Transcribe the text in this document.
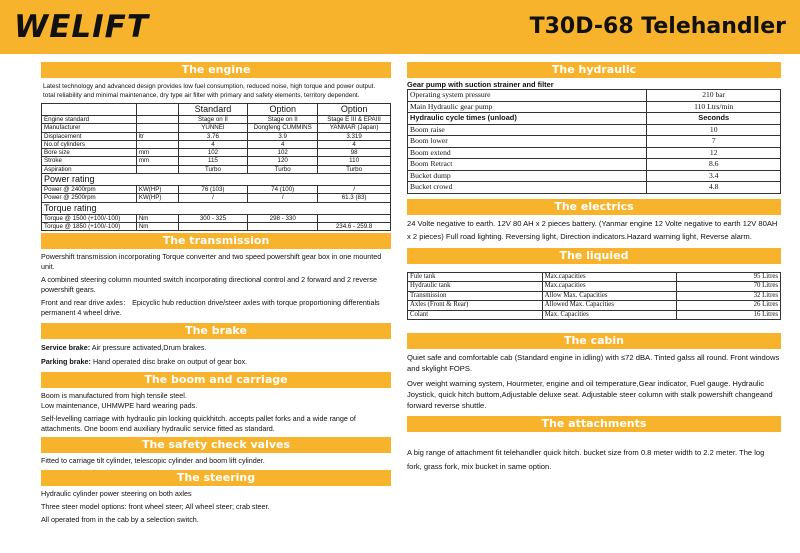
WELIFT	T30D-68 Telehandler
The engine
Latest technology and advanced design provides low fuel consumption, reduced noise, high torque and power output. total reliability and minimal maintenance, dry type air filter with primary and safety elements, territory dependent.
		Standard	Option	Option
Engine standard		Stage on II	Stage on II	Stage E III & EPAIII
Manufacturer		YUNNEI	Dongfeng CUMMINS	YANMAR (Japan)
Displacement	ltr	3.76	3.9	3.319
No.of cylinders		4	4	4
Bore size	mm	102	102	98
Stroke	mm	115	120	110
Aspiration		Turbo	Turbo	Turbo
Power rating				
Power @ 2400rpm	KW(HP)	76 (103)	74 (100)	/
Power @ 2500rpm	KW(HP)	/	/	61.3 (83)
Torque rating				
Torque @ 1500 (+100/-100)	Nm	300 - 325	298 - 330	
Torque @ 1850 (+100/-100)	Nm			234.6 - 259.8
The transmission
Powershift transmission incorporating Torque converter and two speed powershift gear box in one mounted unit.
A combined steering column mounted switch incorporating directional control and 2 forward and 2 reverse powershift gears.
Front and rear drive axles： Epicyclic hub reduction drive/steer axles with torque proportioning differentials permanent 4 wheel drive.
The brake
Service brake: Air pressure activated,Drum brakes.
Parking brake: Hand operated disc brake on output of gear box.
The boom and carriage
Boom is manufactured from high tensile steel.
Low maintenance, UHMWPE hard wearing pads.
Self-levelling carriage with hydraulic pin locking quickhitch. accepts pallet forks and a wide range of attachments. One boom end auxiliary hydraulic service fitted as standard.
The safety check valves
Fitted to carriage tilt cylinder, telescopic cylinder and boom lift cylinder.
The steering
Hydraulic cylinder power steering on both axles
Three steer model options: front wheel steer; All wheel steer; crab steer.
All operated from in the cab by a selection switch.
The hydraulic
Gear pump with suction strainer and filter
Operating system pressure	210 bar
Main Hydraulic gear pump	110 Ltrs/min
Hydraulic cycle times (unload)	Seconds
Boom raise	10
Boom lower	7
Boom extend	12
Boom Retract	8.6
Bucket dump	3.4
Bucket crowd	4.8
The electrics
24 Volte negative to earth. 12V 80 AH x 2 pieces battery. (Yanmar engine 12 Volte negative to earth 12V 80AH x 2 pieces) Full road lighting. Reversing light, Direction indicators.Hazard warning light, Reverse alarm.
The liquied
Fule tank	Max.capacities	95 Litres
Hydraulic tank	Max.capacities	70 Litres
Transmission	Allow Max. Capacities	32 Litres
Axles (Front & Rear)	Allowed Max. Capacities	26 Litres
Colant	Max. Capacities	16 Litres
The cabin
Quiet safe and comfortable cab (Standard engine in idling) with ≤72 dBA. Tinted galss all round. Front windows and skylight FOPS.
Over weight warning system, Hourmeter, engine and oil temperature,Gear indicator, Fuel gauge. Hydraulic Joystick, quick hitch buttom,Adjustable deluxe seat. Adjustable steer column with stalk powershift changeand forward reverse shuttle.
The attachments
A big range of attachment fit telehandler quick hitch. bucket size from 0.8 meter width to 2.2 meter. The log fork, grass fork, mix bucket in same option.
